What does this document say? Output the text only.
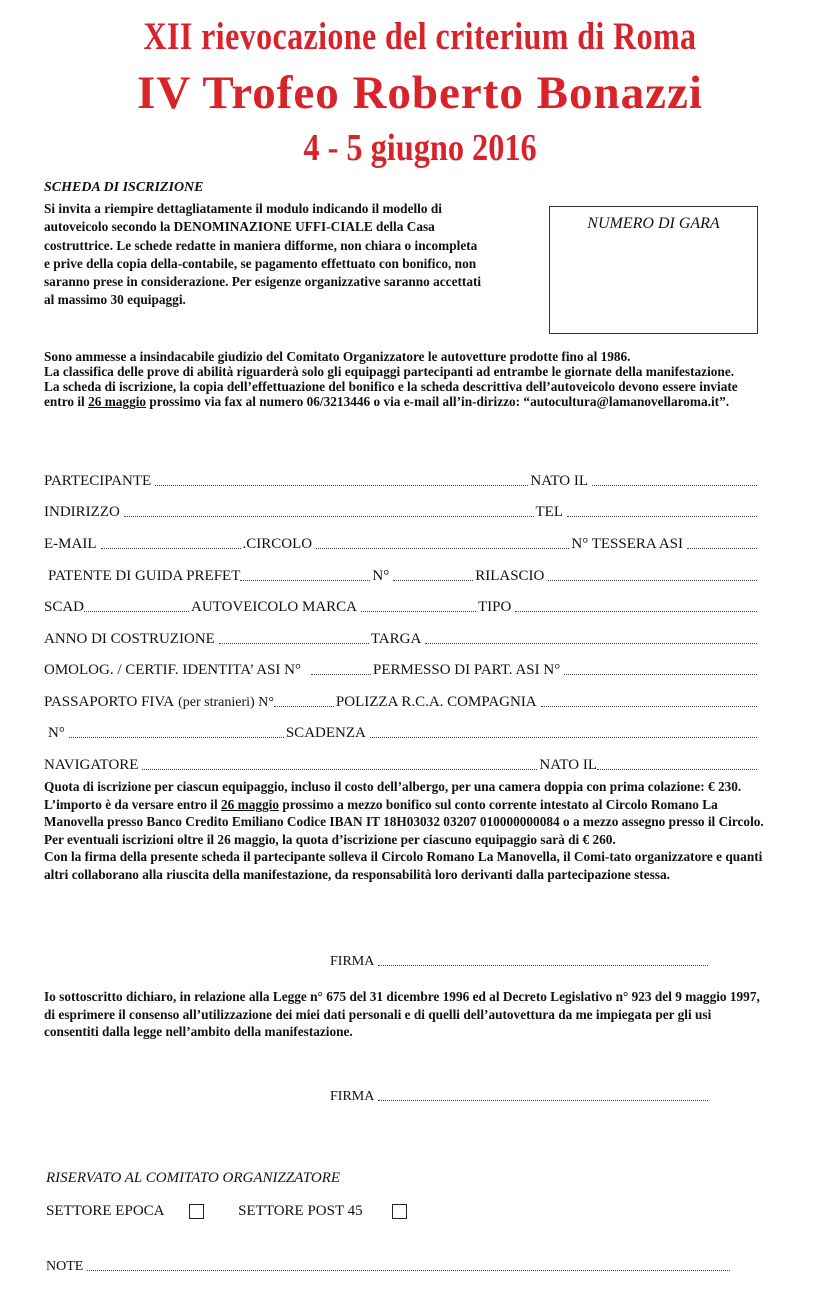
XII rievocazione del criterium di Roma
IV Trofeo Roberto Bonazzi
4 - 5 giugno 2016
SCHEDA DI ISCRIZIONE
Si invita a riempire dettagliatamente il modulo indicando il modello di autoveicolo secondo la DENOMINAZIONE UFFI-CIALE della Casa costruttrice. Le schede redatte in maniera difforme, non chiara o incompleta e prive della copia della-contabile, se pagamento effettuato con bonifico, non saranno prese in considerazione. Per esigenze organizzative saranno accettati al massimo 30 equipaggi.
NUMERO DI GARA
Sono ammesse a insindacabile giudizio del Comitato Organizzatore le autovetture prodotte fino al 1986.
La classifica delle prove di abilità riguarderà solo gli equipaggi partecipanti ad entrambe le giornate della manifestazione.
La scheda di iscrizione, la copia dell’effettuazione del bonifico e la scheda descrittiva dell’autoveicolo devono essere inviate entro il 26 maggio prossimo via fax al numero 06/3213446 o via e-mail all’in-dirizzo: “autocultura@lamanovellaroma.it”.
PARTECIPANTE	NATO IL
INDIRIZZO	TEL
E-MAIL	.CIRCOLO	N° TESSERA ASI
PATENTE DI GUIDA PREFET	N°	RILASCIO
SCAD	AUTOVEICOLO MARCA	TIPO
ANNO DI COSTRUZIONE	TARGA
OMOLOG. / CERTIF. IDENTITA’ ASI N°	PERMESSO DI PART. ASI N°
PASSAPORTO FIVA (per stranieri) N°	POLIZZA R.C.A. COMPAGNIA
N°	SCADENZA
NAVIGATORE	NATO IL
Quota di iscrizione per ciascun equipaggio, incluso il costo dell’albergo, per una camera doppia con prima colazione: € 230. L’importo è da versare entro il 26 maggio prossimo a mezzo bonifico sul conto corrente intestato al Circolo Romano La Manovella presso Banco Credito Emiliano Codice IBAN IT 18H03032 03207 010000000084 o a mezzo assegno presso il Circolo. Per eventuali iscrizioni oltre il 26 maggio, la quota d’iscrizione per ciascuno equipaggio sarà di € 260.
Con la firma della presente scheda il partecipante solleva il Circolo Romano La Manovella, il Comi-tato organizzatore e quanti altri collaborano alla riuscita della manifestazione, da responsabilità loro derivanti dalla partecipazione stessa.
FIRMA
Io sottoscritto dichiaro, in relazione alla Legge n° 675 del 31 dicembre 1996 ed al Decreto Legislativo n° 923 del 9 maggio 1997, di esprimere il consenso all’utilizzazione dei miei dati personali e di quelli dell’autovettura da me impiegata per gli usi consentiti dalla legge nell’ambito della manifestazione.
FIRMA
RISERVATO AL COMITATO ORGANIZZATORE
SETTORE EPOCA	SETTORE POST 45
NOTE
